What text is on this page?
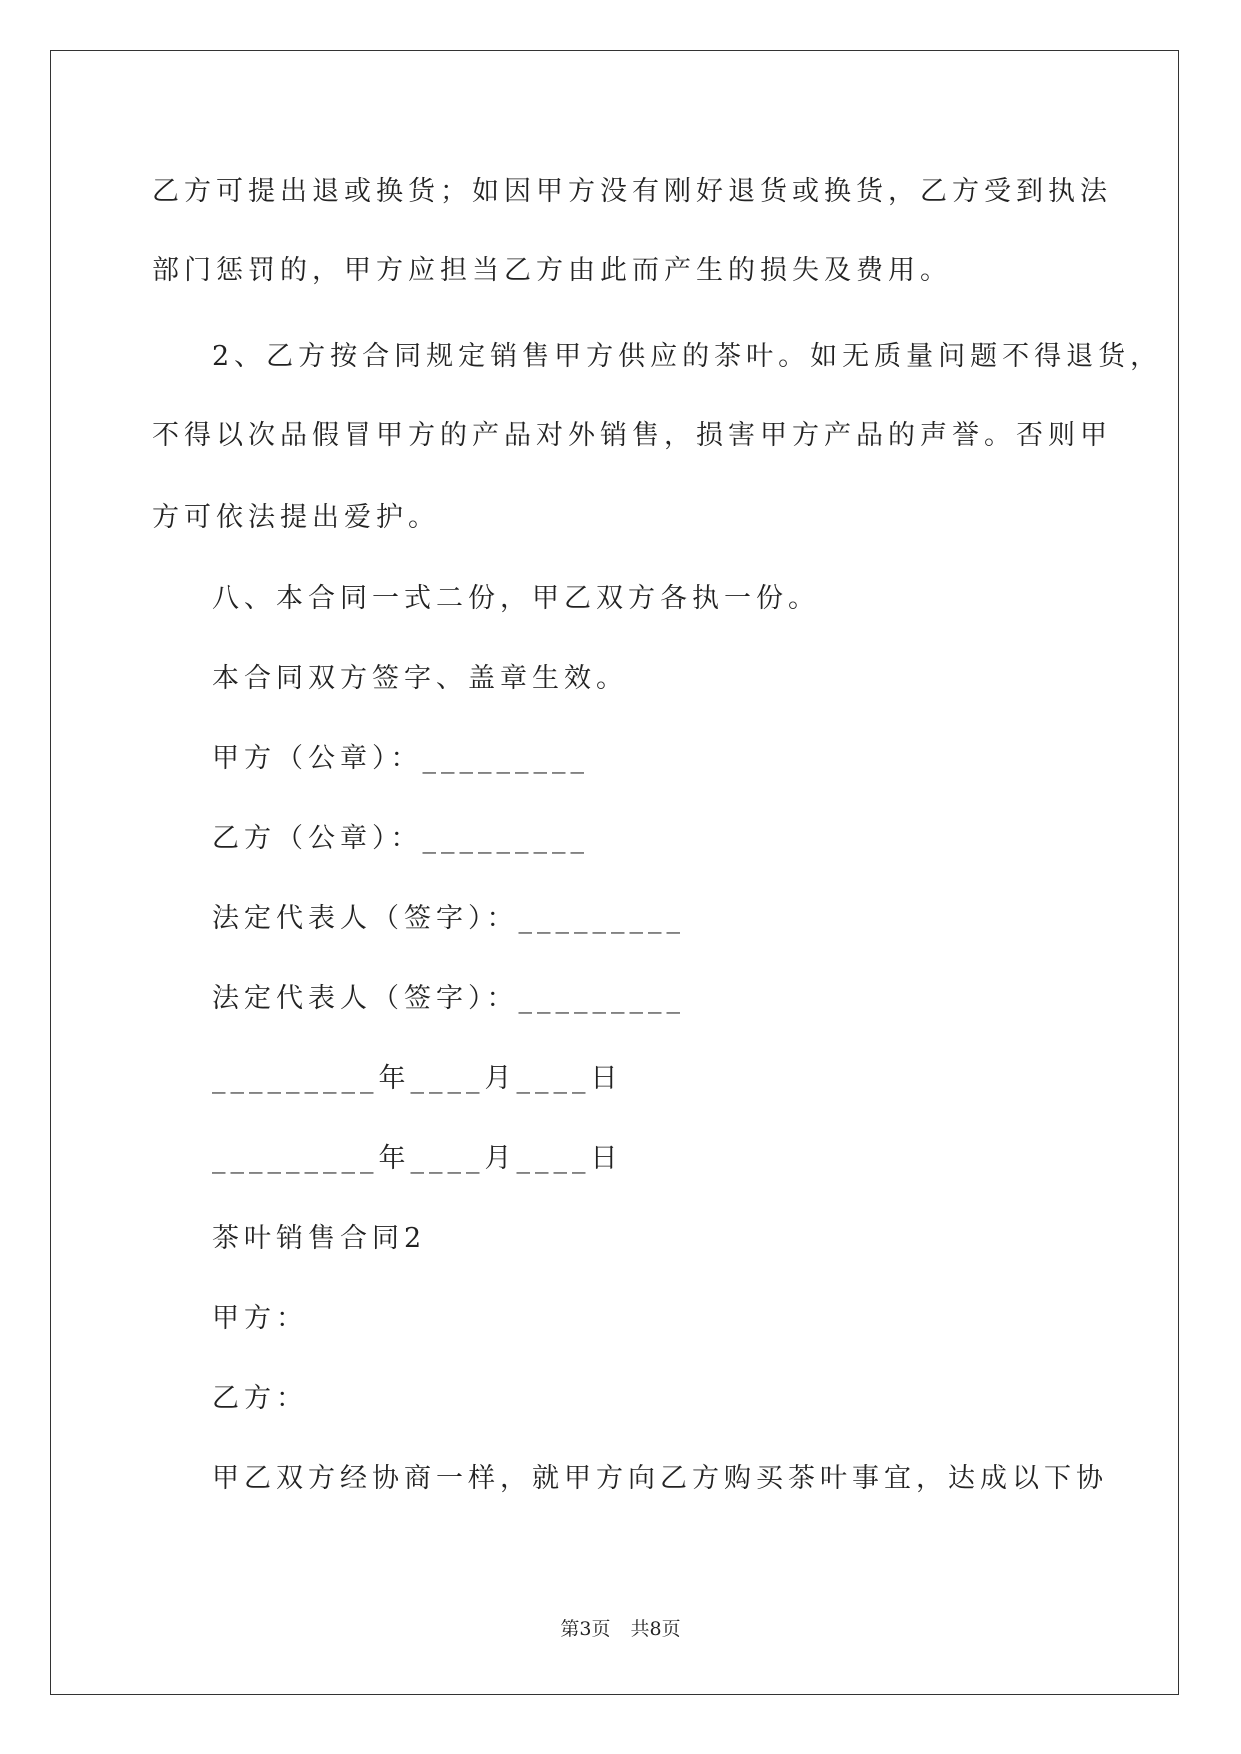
乙方可提出退或换货；如因甲方没有刚好退货或换货，乙方受到执法
部门惩罚的，甲方应担当乙方由此而产生的损失及费用。
2、乙方按合同规定销售甲方供应的茶叶。如无质量问题不得退货，
不得以次品假冒甲方的产品对外销售，损害甲方产品的声誉。否则甲
方可依法提出爱护。
八、本合同一式二份，甲乙双方各执一份。
本合同双方签字、盖章生效。
甲方（公章）：_________
乙方（公章）：_________
法定代表人（签字）：_________
法定代表人（签字）：_________
_________年____月____日
_________年____月____日
茶叶销售合同2
甲方：
乙方：
甲乙双方经协商一样，就甲方向乙方购买茶叶事宜，达成以下协
第3页 共8页
